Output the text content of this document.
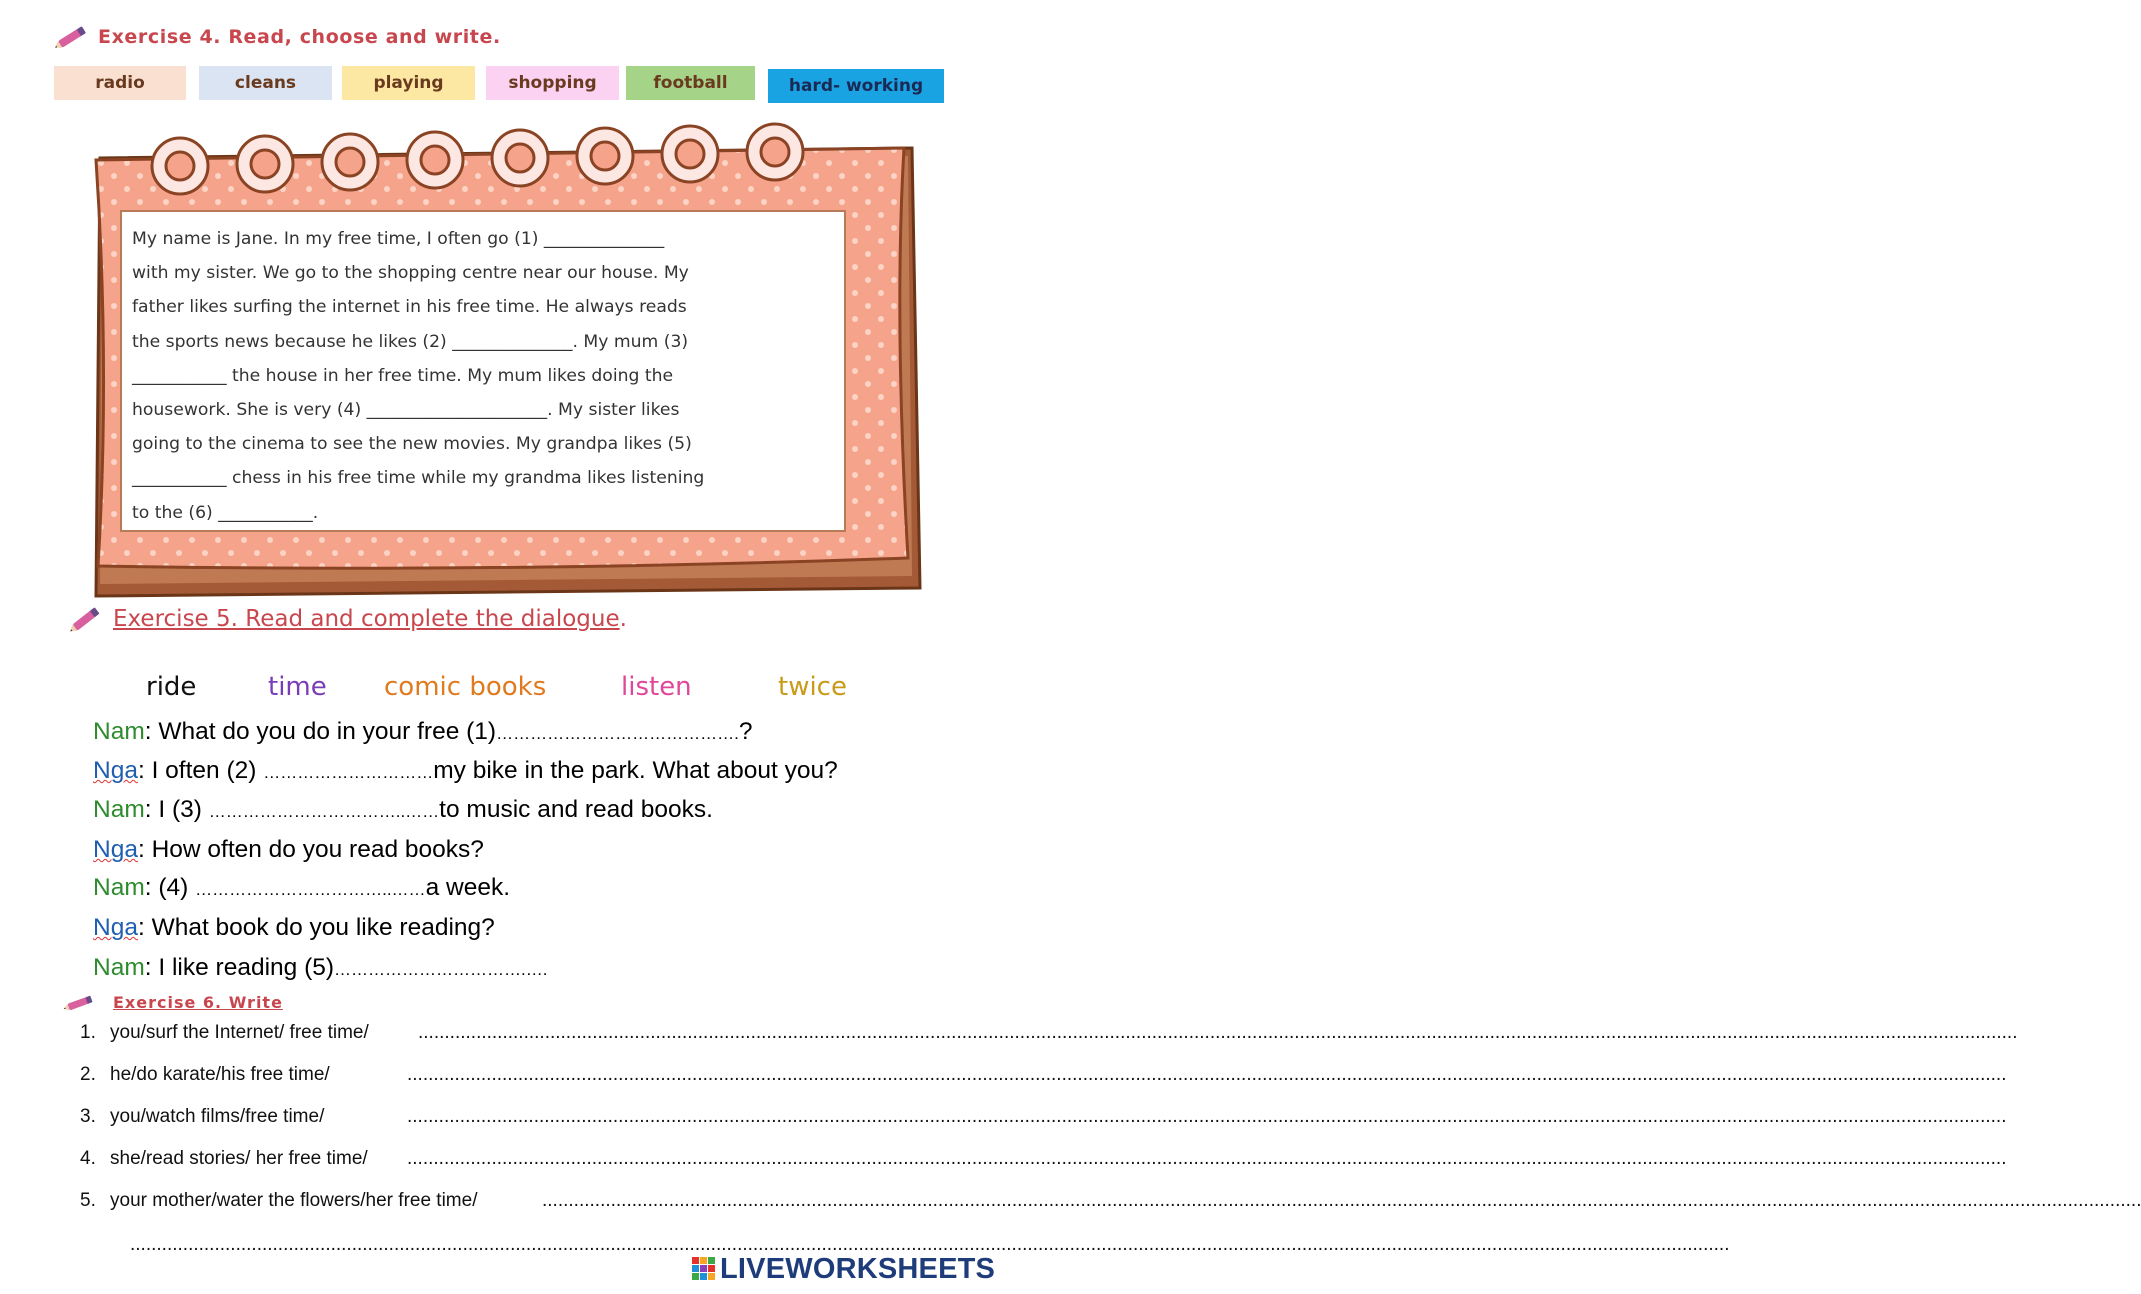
Exercise 4. Read, choose and write.
radio	cleans	playing	shopping	football	hard- working
My name is Jane. In my free time, I often go (1) ______________
with my sister. We go to the shopping centre near our house. My
father likes surfing the internet in his free time. He always reads
the sports news because he likes (2) ______________. My mum (3)
___________ the house in her free time. My mum likes doing the
housework. She is very (4) _____________________. My sister likes
going to the cinema to see the new movies. My grandpa likes (5)
___________ chess in his free time while my grandma likes listening
to the (6) ___________.
Exercise 5. Read and complete the dialogue.
ride	time comic books	listen	twice
Nam: What do you do in your free (1)…………………………………….?
Nga: I often (2) …………………………my bike in the park. What about you?
Nam: I (3) ……………………………..……to music and read books.
Nga: How often do you read books?
Nam: (4) ……………………………..……a week.
Nga: What book do you like reading?
Nam: I like reading (5)…………………………….….
Exercise 6. Write
1. you/surf the Internet/ free time/	...............................................................................................................................................................................................................................................................................................................
2. he/do karate/his free time/	...............................................................................................................................................................................................................................................................................................................
3. you/watch films/free time/	...............................................................................................................................................................................................................................................................................................................
4. she/read stories/ her free time/ ...............................................................................................................................................................................................................................................................................................................
5. your mother/water the flowers/her free time/	...............................................................................................................................................................................................................................................................................................................
...............................................................................................................................................................................................................................................................................................................
LIVEWORKSHEETS
